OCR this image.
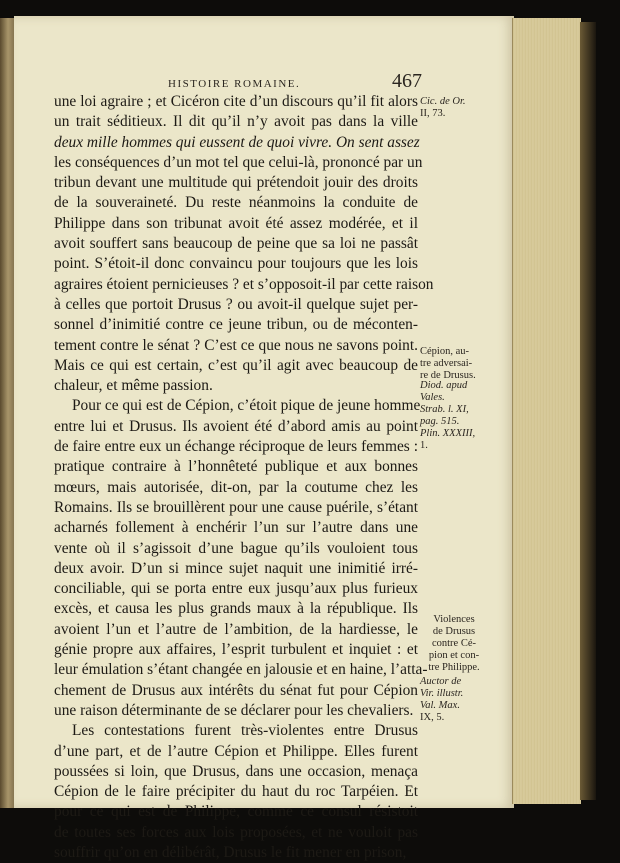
HISTOIRE ROMAINE.	467
une loi agraire ; et Cicéron cite d’un discours qu’il fit alors
un trait séditieux. Il dit qu’il n’y avoit pas dans la ville
deux mille hommes qui eussent de quoi vivre. On sent assez
les conséquences d’un mot tel que celui-là, prononcé par un
tribun devant une multitude qui prétendoit jouir des droits
de la souveraineté. Du reste néanmoins la conduite de
Philippe dans son tribunat avoit été assez modérée, et il
avoit souffert sans beaucoup de peine que sa loi ne passât
point. S’étoit-il donc convaincu pour toujours que les lois
agraires étoient pernicieuses ? et s’opposoit-il par cette raison
à celles que portoit Drusus ? ou avoit-il quelque sujet per-
sonnel d’inimitié contre ce jeune tribun, ou de méconten-
tement contre le sénat ? C’est ce que nous ne savons point.
Mais ce qui est certain, c’est qu’il agit avec beaucoup de
chaleur, et même passion.
Pour ce qui est de Cépion, c’étoit pique de jeune homme
entre lui et Drusus. Ils avoient été d’abord amis au point
de faire entre eux un échange réciproque de leurs femmes :
pratique contraire à l’honnêteté publique et aux bonnes
mœurs, mais autorisée, dit-on, par la coutume chez les
Romains. Ils se brouillèrent pour une cause puérile, s’étant
acharnés follement à enchérir l’un sur l’autre dans une
vente où il s’agissoit d’une bague qu’ils vouloient tous
deux avoir. D’un si mince sujet naquit une inimitié irré-
conciliable, qui se porta entre eux jusqu’aux plus furieux
excès, et causa les plus grands maux à la république. Ils
avoient l’un et l’autre de l’ambition, de la hardiesse, le
génie propre aux affaires, l’esprit turbulent et inquiet : et
leur émulation s’étant changée en jalousie et en haine, l’atta-
chement de Drusus aux intérêts du sénat fut pour Cépion
une raison déterminante de se déclarer pour les chevaliers.
Les contestations furent très-violentes entre Drusus
d’une part, et de l’autre Cépion et Philippe. Elles furent
poussées si loin, que Drusus, dans une occasion, menaça
Cépion de le faire précipiter du haut du roc Tarpéien. Et
pour ce qui est de Philippe, comme ce consul résistoit
de toutes ses forces aux lois proposées, et ne vouloit pas
souffrir qu’on en délibérât, Drusus le fit mener en prison,
Cic. de Or.
II, 73.
Cépion, au-
tre adversai-
re de Drusus.
Diod. apud
Vales.
Strab. l. XI,
pag. 515.
Plin. XXXIII,
1.
Violences
de Drusus
contre Cé-
pion et con-
tre Philippe.
Auctor de
Vir. illustr.
Val. Max.
IX, 5.
